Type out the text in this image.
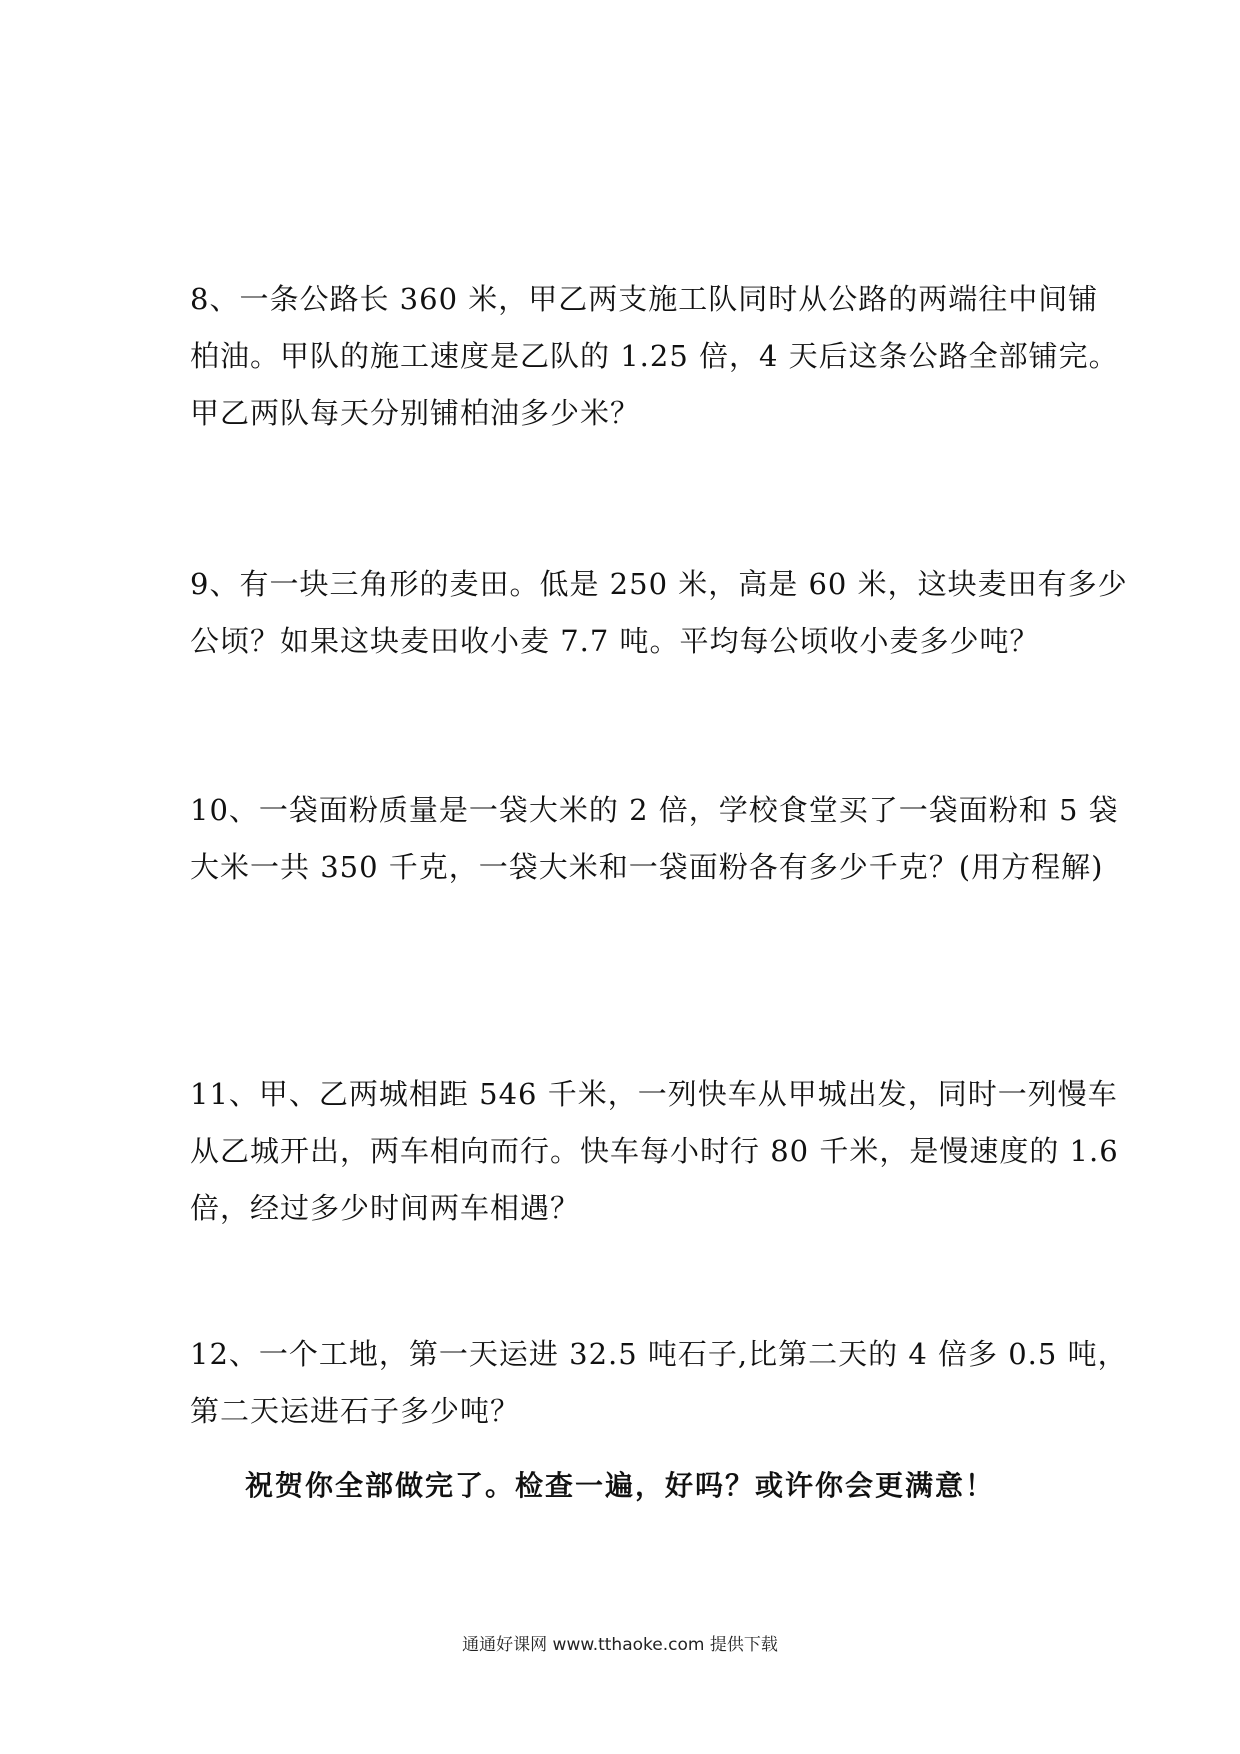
8、一条公路长 360 米，甲乙两支施工队同时从公路的两端往中间铺
柏油。甲队的施工速度是乙队的 1.25 倍，4 天后这条公路全部铺完。
甲乙两队每天分别铺柏油多少米？
9、有一块三角形的麦田。低是 250 米，高是 60 米，这块麦田有多少
公顷？如果这块麦田收小麦 7.7 吨。平均每公顷收小麦多少吨？
10、一袋面粉质量是一袋大米的 2 倍，学校食堂买了一袋面粉和 5 袋
大米一共 350 千克，一袋大米和一袋面粉各有多少千克？(用方程解)
11、甲、乙两城相距 546 千米，一列快车从甲城出发，同时一列慢车
从乙城开出，两车相向而行。快车每小时行 80 千米，是慢速度的 1.6
倍，经过多少时间两车相遇？
12、一个工地，第一天运进 32.5 吨石子,比第二天的 4 倍多 0.5 吨，
第二天运进石子多少吨？
祝贺你全部做完了。检查一遍，好吗？或许你会更满意！
通通好课网 www.tthaoke.com 提供下载
